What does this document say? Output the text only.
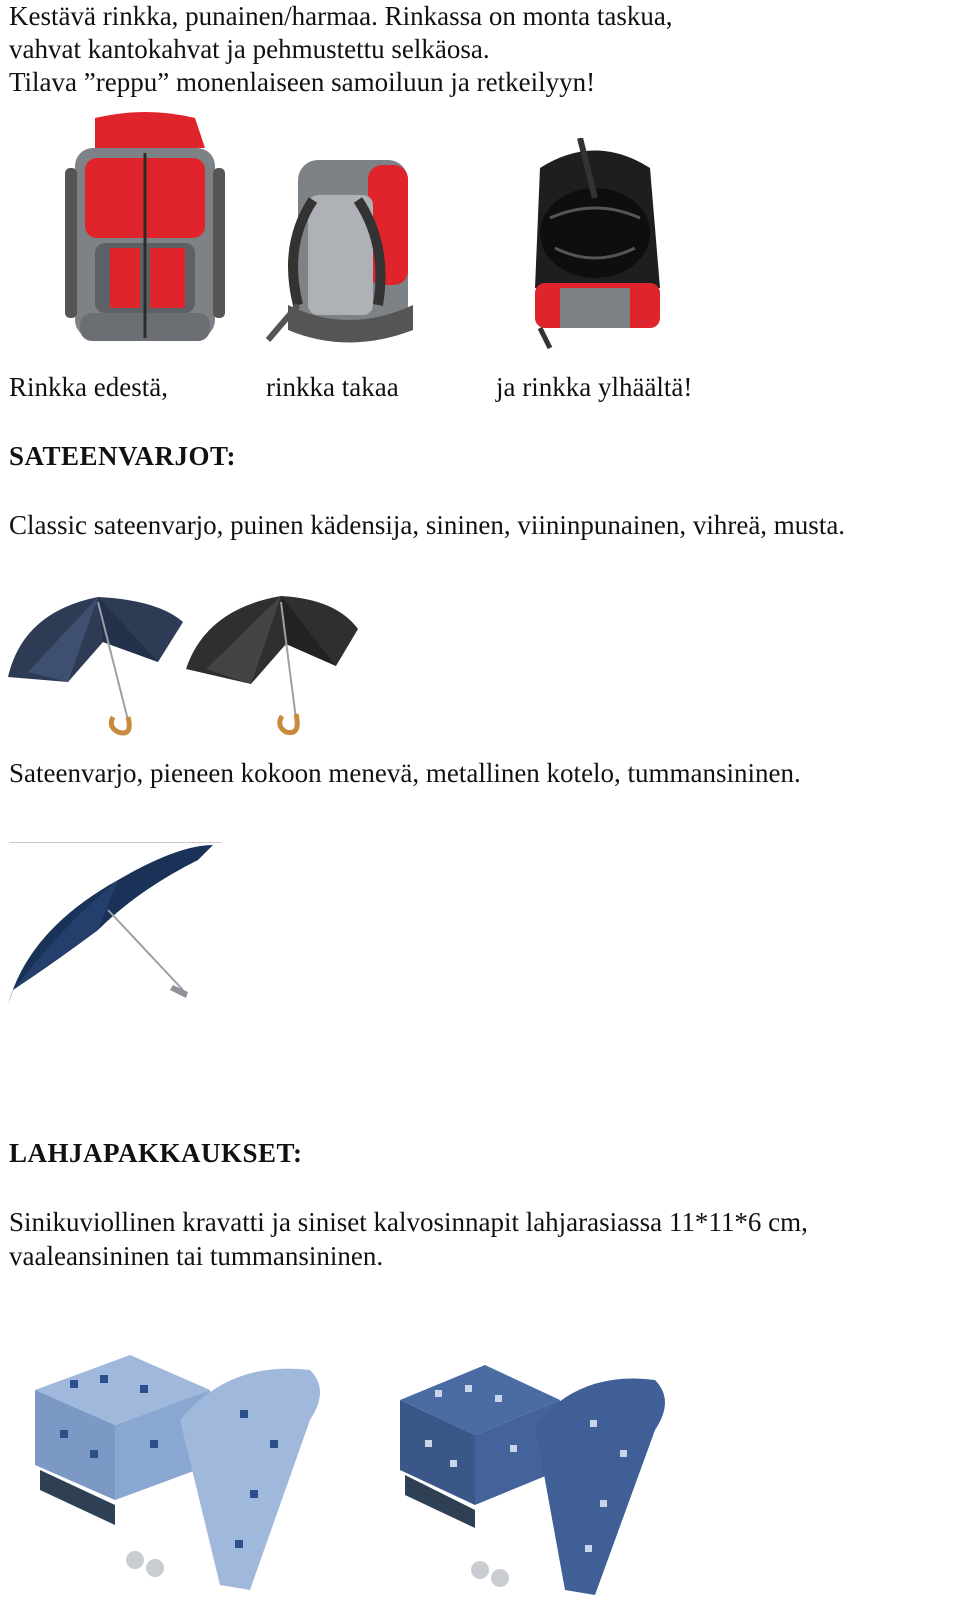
Kestävä rinkka, punainen/harmaa. Rinkassa on monta taskua,
vahvat kantokahvat ja pehmustettu selkäosa.
Tilava ”reppu” monenlaiseen samoiluun ja retkeilyyn!
Rinkka edestä,	rinkka takaa	ja rinkka ylhäältä!
SATEENVARJOT:
Classic sateenvarjo, puinen kädensija, sininen, viininpunainen, vihreä, musta.
Sateenvarjo, pieneen kokoon menevä, metallinen kotelo, tummansininen.
LAHJAPAKKAUKSET:
Sinikuviollinen kravatti ja siniset kalvosinnapit lahjarasiassa 11*11*6 cm,
vaaleansininen tai tummansininen.
